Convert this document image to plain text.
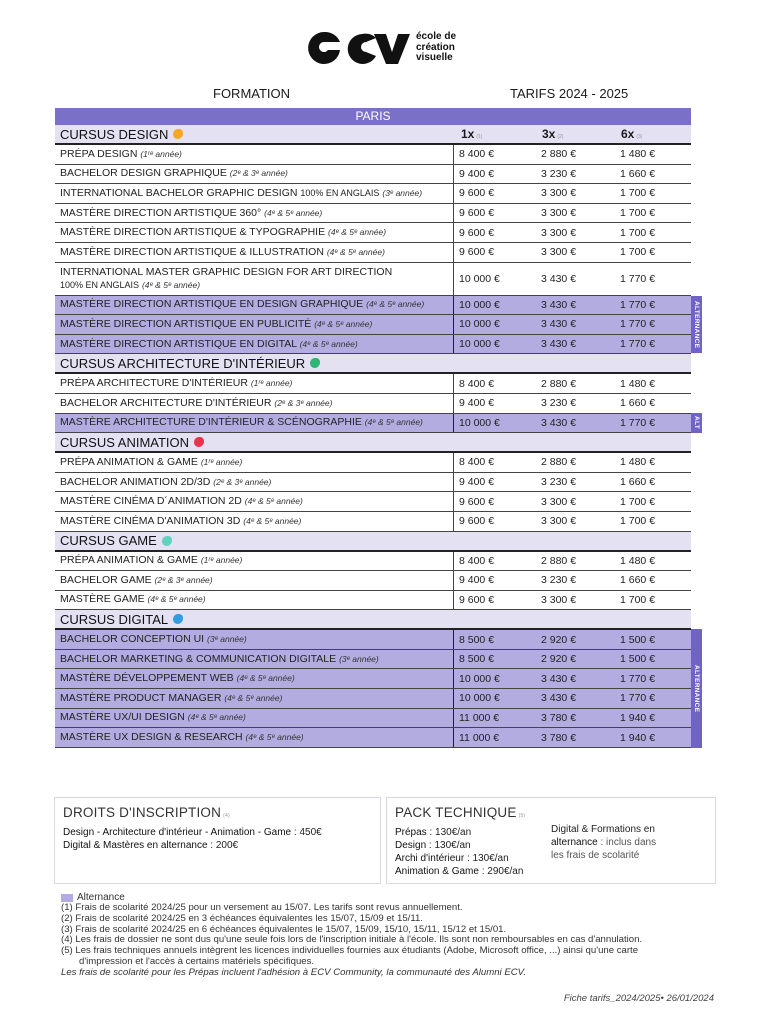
école de
création
visuelle
FORMATION	TARIFS 2024 - 2025
PARIS
CURSUS DESIGN	1x (1)	3x (2)	6x (3)
PRÉPA DESIGN (1ʳᵉ année)	8 400 €	2 880 €	1 480 €
BACHELOR DESIGN GRAPHIQUE (2ᵉ & 3ᵉ année)	9 400 €	3 230 €	1 660 €
INTERNATIONAL BACHELOR GRAPHIC DESIGN 100% EN ANGLAIS (3ᵉ année)	9 600 €	3 300 €	1 700 €
MASTÈRE DIRECTION ARTISTIQUE 360° (4ᵉ & 5ᵉ année)	9 600 €	3 300 €	1 700 €
MASTÈRE DIRECTION ARTISTIQUE & TYPOGRAPHIE (4ᵉ & 5ᵉ année)	9 600 €	3 300 €	1 700 €
MASTÈRE DIRECTION ARTISTIQUE & ILLUSTRATION (4ᵉ & 5ᵉ année)	9 600 €	3 300 €	1 700 €
INTERNATIONAL MASTER GRAPHIC DESIGN FOR ART DIRECTION
100% EN ANGLAIS (4ᵉ & 5ᵉ année)	10 000 €	3 430 €	1 770 €
MASTÈRE DIRECTION ARTISTIQUE EN DESIGN GRAPHIQUE (4ᵉ & 5ᵉ année)	10 000 €	3 430 €	1 770 €
MASTÈRE DIRECTION ARTISTIQUE EN PUBLICITÉ (4ᵉ & 5ᵉ année)	10 000 €	3 430 €	1 770 €
MASTÈRE DIRECTION ARTISTIQUE EN DIGITAL (4ᵉ & 5ᵉ année)	10 000 €	3 430 €	1 770 €
CURSUS ARCHITECTURE D'INTÉRIEUR
PRÉPA ARCHITECTURE D'INTÉRIEUR (1ʳᵉ année)	8 400 €	2 880 €	1 480 €
BACHELOR ARCHITECTURE D'INTÉRIEUR (2ᵉ & 3ᵉ année)	9 400 €	3 230 €	1 660 €
MASTÈRE ARCHITECTURE D'INTÉRIEUR & SCÉNOGRAPHIE (4ᵉ & 5ᵉ année)	10 000 €	3 430 €	1 770 €
CURSUS ANIMATION
PRÉPA ANIMATION & GAME (1ʳᵉ année)	8 400 €	2 880 €	1 480 €
BACHELOR ANIMATION 2D/3D (2ᵉ & 3ᵉ année)	9 400 €	3 230 €	1 660 €
MASTÈRE CINÉMA D´ANIMATION 2D (4ᵉ & 5ᵉ année)	9 600 €	3 300 €	1 700 €
MASTÈRE CINÉMA D'ANIMATION 3D (4ᵉ & 5ᵉ année)	9 600 €	3 300 €	1 700 €
CURSUS GAME
PRÉPA ANIMATION & GAME (1ʳᵉ année)	8 400 €	2 880 €	1 480 €
BACHELOR GAME (2ᵉ & 3ᵉ année)	9 400 €	3 230 €	1 660 €
MASTÈRE GAME (4ᵉ & 5ᵉ année)	9 600 €	3 300 €	1 700 €
CURSUS DIGITAL
BACHELOR CONCEPTION UI (3ᵉ année)	8 500 €	2 920 €	1 500 €
BACHELOR MARKETING & COMMUNICATION DIGITALE (3ᵉ année)	8 500 €	2 920 €	1 500 €
MASTÈRE DÉVELOPPEMENT WEB (4ᵉ & 5ᵉ année)	10 000 €	3 430 €	1 770 €
MASTÈRE PRODUCT MANAGER (4ᵉ & 5ᵉ année)	10 000 €	3 430 €	1 770 €
MASTÈRE UX/UI DESIGN (4ᵉ & 5ᵉ année)	11 000 €	3 780 €	1 940 €
MASTÈRE UX DESIGN & RESEARCH (4ᵉ & 5ᵉ année)	11 000 €	3 780 €	1 940 €
ALTERNANCE
ALT
ALTERNANCE
DROITS D'INSCRIPTION (4)
Design - Architecture d'intérieur - Animation - Game : 450€
Digital & Mastères en alternance : 200€
PACK TECHNIQUE (5)
Prépas : 130€/an
Design : 130€/an
Archi d'intérieur : 130€/an
Animation & Game : 290€/an
Digital & Formations en
alternance : inclus dans
les frais de scolarité
Alternance

(1) Frais de scolarité 2024/25 pour un versement au 15/07. Les tarifs sont revus annuellement.

(2) Frais de scolarité 2024/25 en 3 échéances équivalentes les 15/07, 15/09 et 15/11.

(3) Frais de scolarité 2024/25 en 6 échéances équivalentes le 15/07, 15/09, 15/10, 15/11, 15/12 et 15/01.

(4) Les frais de dossier ne sont dus qu'une seule fois lors de l'inscription initiale à l'école. Ils sont non remboursables en cas d'annulation.

(5) Les frais techniques annuels intègrent les licences individuelles fournies aux étudiants (Adobe, Microsoft office, ...) ainsi qu'une carte

d'impression et l'accès à certains matériels spécifiques.

Les frais de scolarité pour les Prépas incluent l'adhésion à ECV Community, la communauté des Alumni ECV.

Fiche tarifs_2024/2025• 26/01/2024
